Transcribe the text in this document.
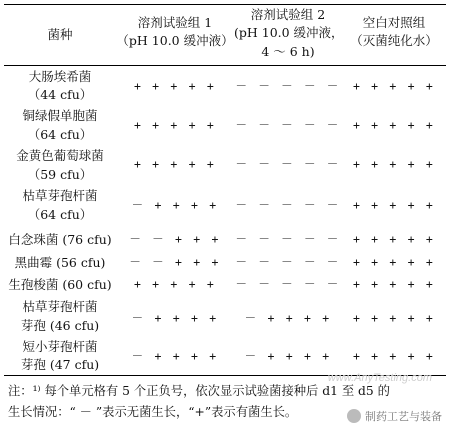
菌种
溶剂试验组 1
（pH 10.0 缓冲液）
溶剂试验组 2
(pH 10.0 缓冲液，
4 ～ 6 h)
空白对照组
（灭菌纯化水）
大肠埃希菌
（44 cfu）
+ + + + +	－ － － － －	+ + + + +
铜绿假单胞菌
（64 cfu）
+ + + + +	－ － － － －	+ + + + +
金黄色葡萄球菌
（59 cfu）
+ + + + +	－ － － － －	+ + + + +
枯草芽孢杆菌
（64 cfu）
－ + + + +	－ － － － －	+ + + + +
白念珠菌 (76 cfu)	－ － + + +	－ － － － －	+ + + + +
黑曲霉 (56 cfu)	－ － + + +	－ － － － －	+ + + + +
生孢梭菌 (60 cfu)	+ + + + +	－ － － － －	+ + + + +
枯草芽孢杆菌
芽孢 (46 cfu)	－ + + + +	－ + + + +	+ + + + +
短小芽孢杆菌
芽孢 (47 cfu)
－ + + + +	－ + + + +	+ + + + +
注：¹⁾ 每个单元格有 5 个正负号，依次显示试验菌接种后 d1 至 d5 的
生长情况：“ － ”表示无菌生长，“+”表示有菌生长。
www.AnyTesting.com
制药工艺与装备
